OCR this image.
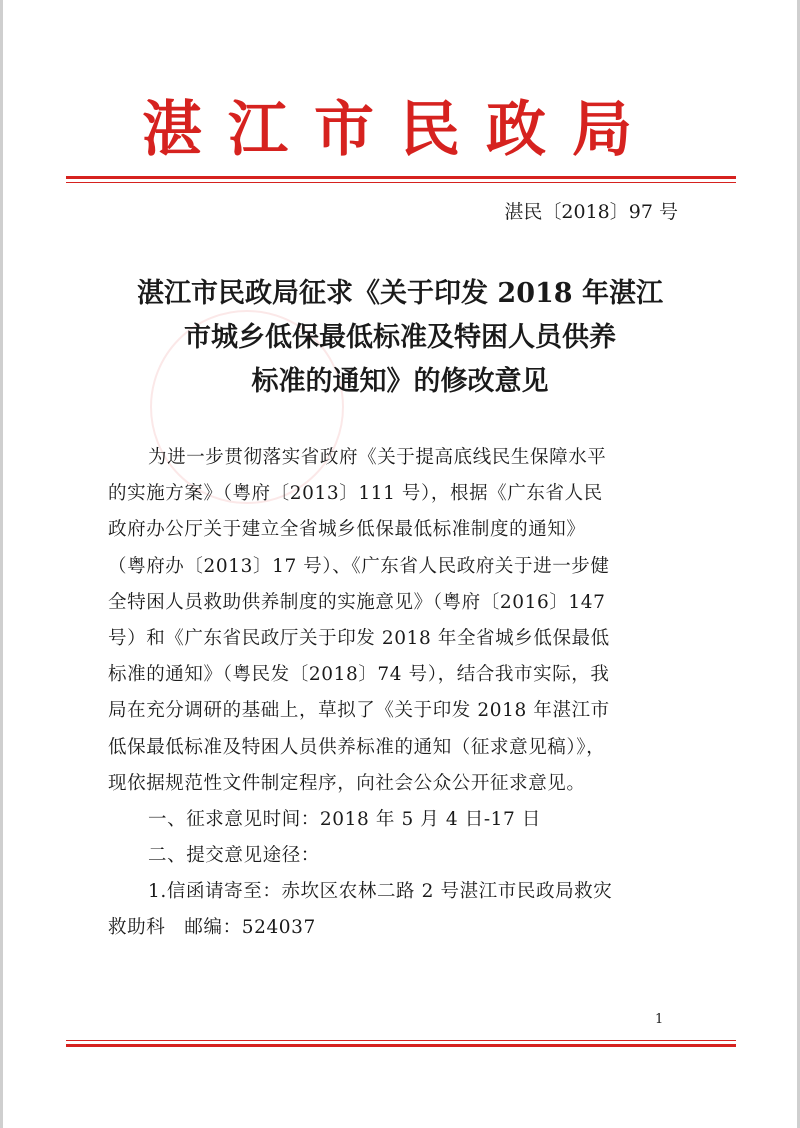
湛江市民政局
湛民〔2018〕97 号
湛江市民政局征求《关于印发 2018 年湛江
市城乡低保最低标准及特困人员供养
标准的通知》的修改意见
为进一步贯彻落实省政府《关于提高底线民生保障水平
的实施方案》（粤府〔2013〕111 号），根据《广东省人民
政府办公厅关于建立全省城乡低保最低标准制度的通知》
（粤府办〔2013〕17 号）、《广东省人民政府关于进一步健
全特困人员救助供养制度的实施意见》（粤府〔2016〕147
号）和《广东省民政厅关于印发 2018 年全省城乡低保最低
标准的通知》（粤民发〔2018〕74 号），结合我市实际，我
局在充分调研的基础上，草拟了《关于印发 2018 年湛江市
低保最低标准及特困人员供养标准的通知（征求意见稿）》，
现依据规范性文件制定程序，向社会公众公开征求意见。
一、征求意见时间：2018 年 5 月 4 日-17 日
二、提交意见途径：
1.信函请寄至：赤坎区农林二路 2 号湛江市民政局救灾
救助科　邮编：524037
1
